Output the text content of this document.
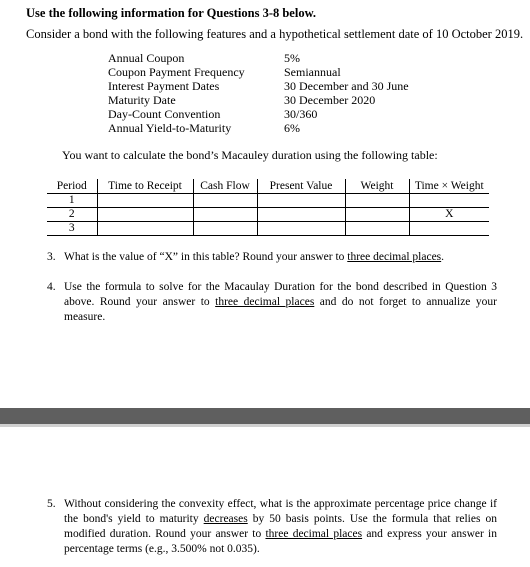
Use the following information for Questions 3-8 below.
Consider a bond with the following features and a hypothetical settlement date of 10 October 2019.
Annual Coupon	5%
Coupon Payment Frequency	Semiannual
Interest Payment Dates	30 December and 30 June
Maturity Date	30 December 2020
Day-Count Convention	30/360
Annual Yield-to-Maturity	6%
You want to calculate the bond’s Macauley duration using the following table:
Period	Time to Receipt	Cash Flow	Present Value	Weight	Time × Weight
1					
2					X
3					
3. What is the value of “X” in this table? Round your answer to three decimal places.
4. Use the formula to solve for the Macaulay Duration for the bond described in Question 3 above. Round your answer to three decimal places and do not forget to annualize your measure.
5. Without considering the convexity effect, what is the approximate percentage price change if the bond's yield to maturity decreases by 50 basis points. Use the formula that relies on modified duration. Round your answer to three decimal places and express your answer in percentage terms (e.g., 3.500% not 0.035).
